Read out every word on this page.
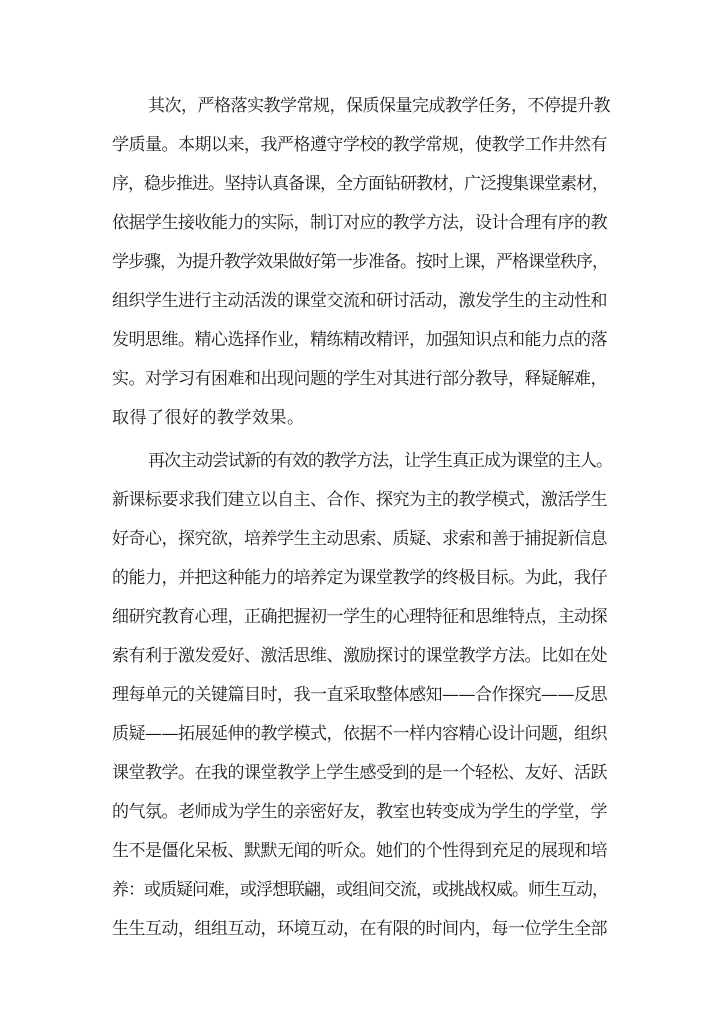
其次，严格落实教学常规，保质保量完成教学任务，不停提升教
学质量。本期以来，我严格遵守学校的教学常规，使教学工作井然有
序，稳步推进。坚持认真备课，全方面钻研教材，广泛搜集课堂素材，
依据学生接收能力的实际，制订对应的教学方法，设计合理有序的教
学步骤，为提升教学效果做好第一步准备。按时上课，严格课堂秩序，
组织学生进行主动活泼的课堂交流和研讨活动，激发学生的主动性和
发明思维。精心选择作业，精练精改精评，加强知识点和能力点的落
实。对学习有困难和出现问题的学生对其进行部分教导，释疑解难，
取得了很好的教学效果。
再次主动尝试新的有效的教学方法，让学生真正成为课堂的主人。
新课标要求我们建立以自主、合作、探究为主的教学模式，激活学生
好奇心，探究欲，培养学生主动思索、质疑、求索和善于捕捉新信息
的能力，并把这种能力的培养定为课堂教学的终极目标。为此，我仔
细研究教育心理，正确把握初一学生的心理特征和思维特点，主动探
索有利于激发爱好、激活思维、激励探讨的课堂教学方法。比如在处
理每单元的关键篇目时，我一直采取整体感知——合作探究——反思
质疑——拓展延伸的教学模式，依据不一样内容精心设计问题，组织
课堂教学。在我的课堂教学上学生感受到的是一个轻松、友好、活跃
的气氛。老师成为学生的亲密好友，教室也转变成为学生的学堂，学
生不是僵化呆板、默默无闻的听众。她们的个性得到充足的展现和培
养：或质疑问难，或浮想联翩，或组间交流，或挑战权威。师生互动，
生生互动，组组互动，环境互动，在有限的时间内，每一位学生全部
